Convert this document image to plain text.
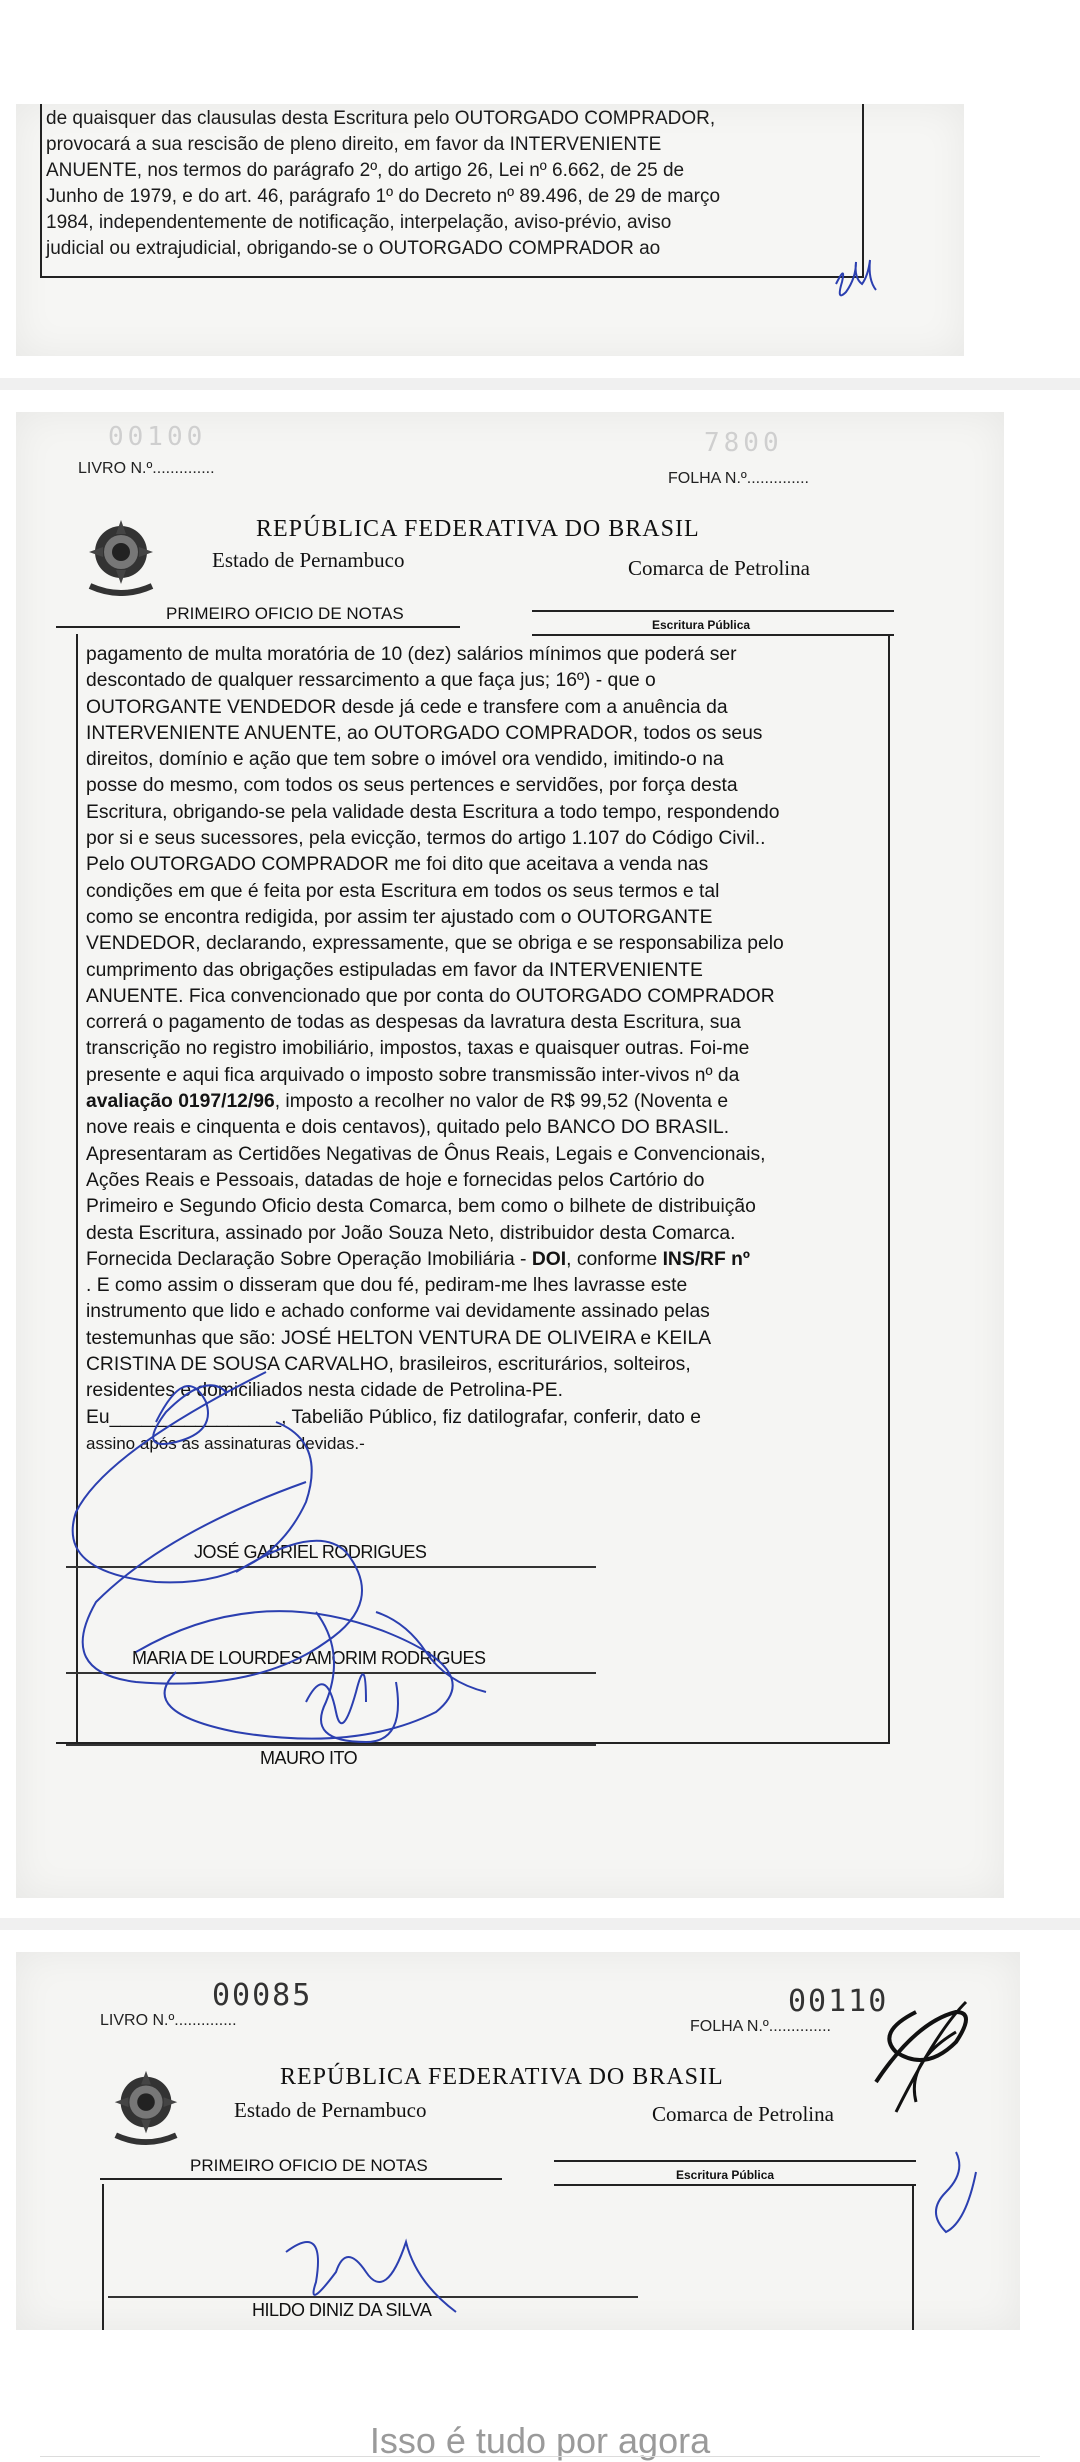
de quaisquer das clausulas desta Escritura pelo OUTORGADO COMPRADOR,

provocará a sua rescisão de pleno direito, em favor da INTERVENIENTE

ANUENTE, nos termos do parágrafo 2º, do artigo 26, Lei nº 6.662, de 25 de

Junho de 1979, e do art. 46, parágrafo 1º do Decreto nº 89.496, de 29 de março

1984, independentemente de notificação, interpelação, aviso-prévio, aviso

judicial ou extrajudicial, obrigando-se o OUTORGADO COMPRADOR ao

00100	7800
LIVRO N.º..............
FOLHA N.º..............
REPÚBLICA FEDERATIVA DO BRASIL
Estado de Pernambuco	Comarca de Petrolina
PRIMEIRO OFICIO DE NOTAS
Escritura Pública

pagamento de multa moratória de 10 (dez) salários mínimos que poderá ser

descontado de qualquer ressarcimento a que faça jus; 16º) - que o

OUTORGANTE VENDEDOR desde já cede e transfere com a anuência da

INTERVENIENTE ANUENTE, ao OUTORGADO COMPRADOR, todos os seus

direitos, domínio e ação que tem sobre o imóvel ora vendido, imitindo-o na

posse do mesmo, com todos os seus pertences e servidões, por força desta

Escritura, obrigando-se pela validade desta Escritura a todo tempo, respondendo

por si e seus sucessores, pela evicção, termos do artigo 1.107 do Código Civil..

Pelo OUTORGADO COMPRADOR me foi dito que aceitava a venda nas

condições em que é feita por esta Escritura em todos os seus termos e tal

como se encontra redigida, por assim ter ajustado com o OUTORGANTE

VENDEDOR, declarando, expressamente, que se obriga e se responsabiliza pelo

cumprimento das obrigações estipuladas em favor da INTERVENIENTE

ANUENTE. Fica convencionado que por conta do OUTORGADO COMPRADOR

correrá o pagamento de todas as despesas da lavratura desta Escritura, sua

transcrição no registro imobiliário, impostos, taxas e quaisquer outras. Foi-me

presente e aqui fica arquivado o imposto sobre transmissão inter-vivos nº da

avaliação 0197/12/96, imposto a recolher no valor de R$ 99,52 (Noventa e

nove reais e cinquenta e dois centavos), quitado pelo BANCO DO BRASIL.

Apresentaram as Certidões Negativas de Ônus Reais, Legais e Convencionais,

Ações Reais e Pessoais, datadas de hoje e fornecidas pelos Cartório do

Primeiro e Segundo Oficio desta Comarca, bem como o bilhete de distribuição

desta Escritura, assinado por João Souza Neto, distribuidor desta Comarca.

Fornecida Declaração Sobre Operação Imobiliária - DOI, conforme INS/RF nº

. E como assim o disseram que dou fé, pediram-me lhes lavrasse este

instrumento que lido e achado conforme vai devidamente assinado pelas

testemunhas que são: JOSÉ HELTON VENTURA DE OLIVEIRA e KEILA

CRISTINA DE SOUSA CARVALHO, brasileiros, escriturários, solteiros,

residentes e domiciliados nesta cidade de Petrolina-PE.

Eu________________, Tabelião Público, fiz datilografar, conferir, dato e

assino após as assinaturas devidas.-

JOSÉ GABRIEL RODRIGUES
MARIA DE LOURDES AMORIM RODRIGUES
MAURO ITO
00085	00110
LIVRO N.º..............	FOLHA N.º..............
REPÚBLICA FEDERATIVA DO BRASIL
Estado de Pernambuco	Comarca de Petrolina
PRIMEIRO OFICIO DE NOTAS	Escritura Pública
HILDO DINIZ DA SILVA
Isso é tudo por agora
